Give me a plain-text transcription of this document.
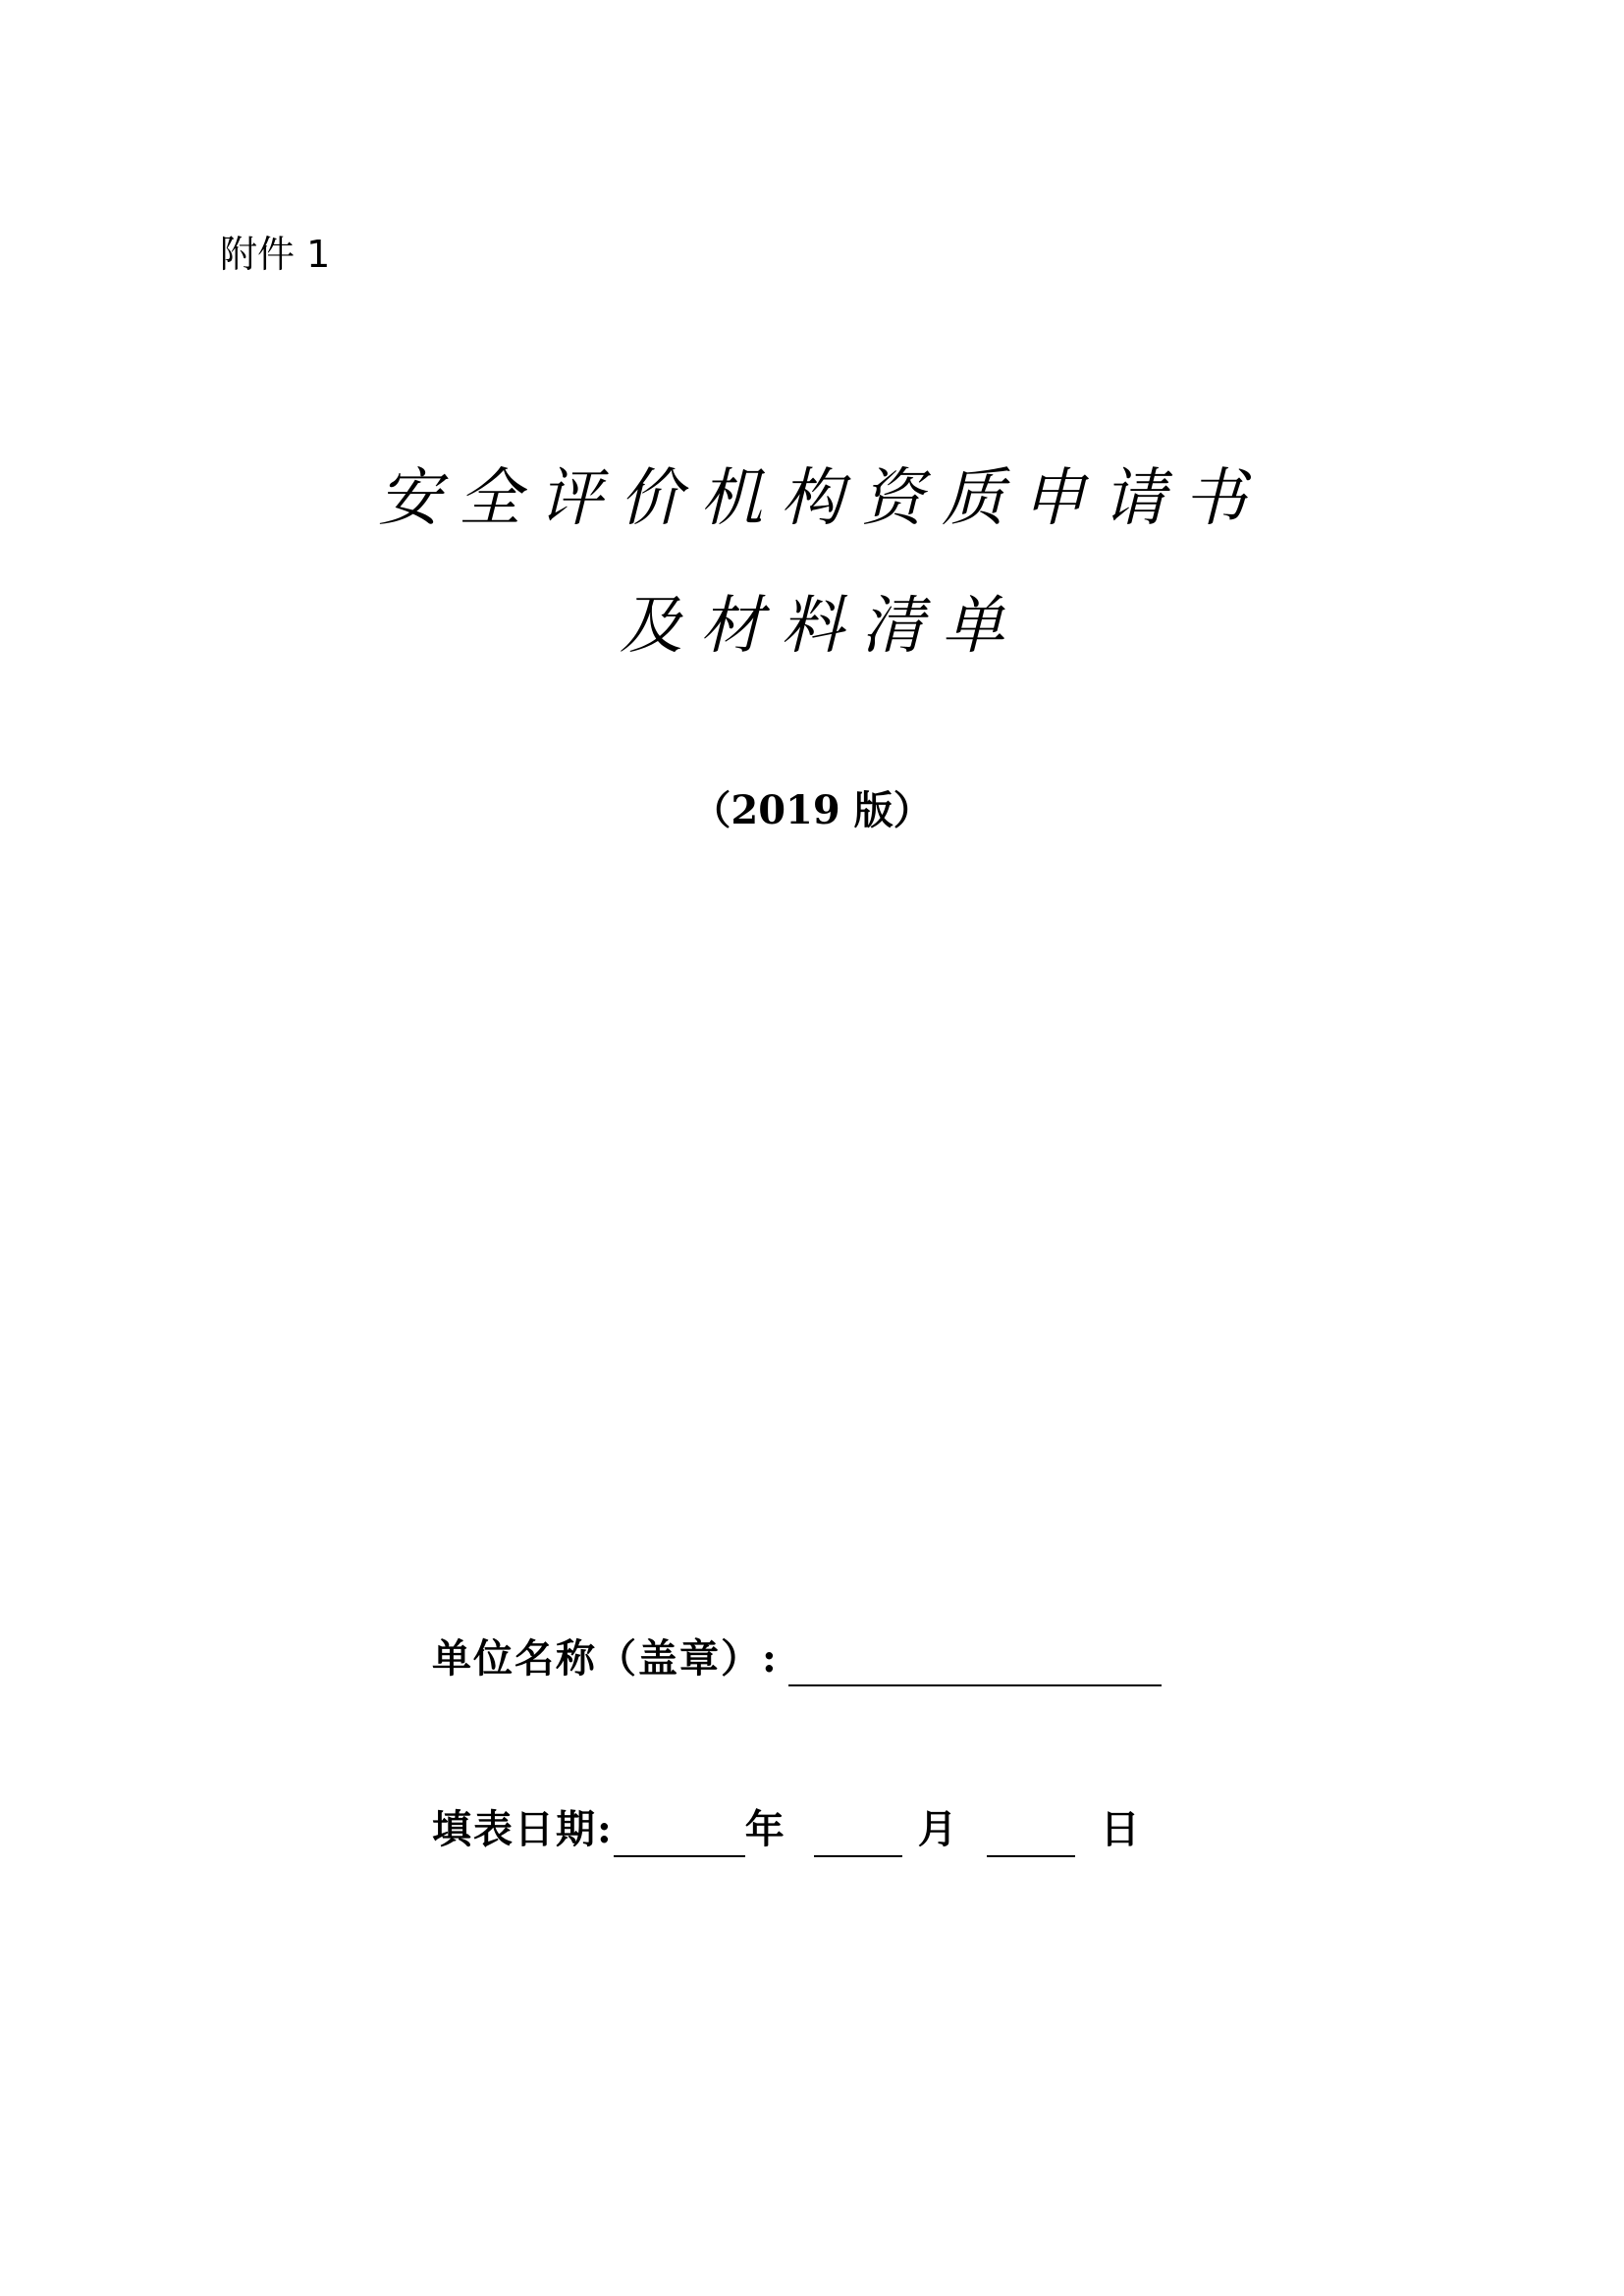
附件 1
安全评价机构资质申请书
及材料清单
（2019 版）
单位名称（盖章）:
填表日期:	年	月	日
